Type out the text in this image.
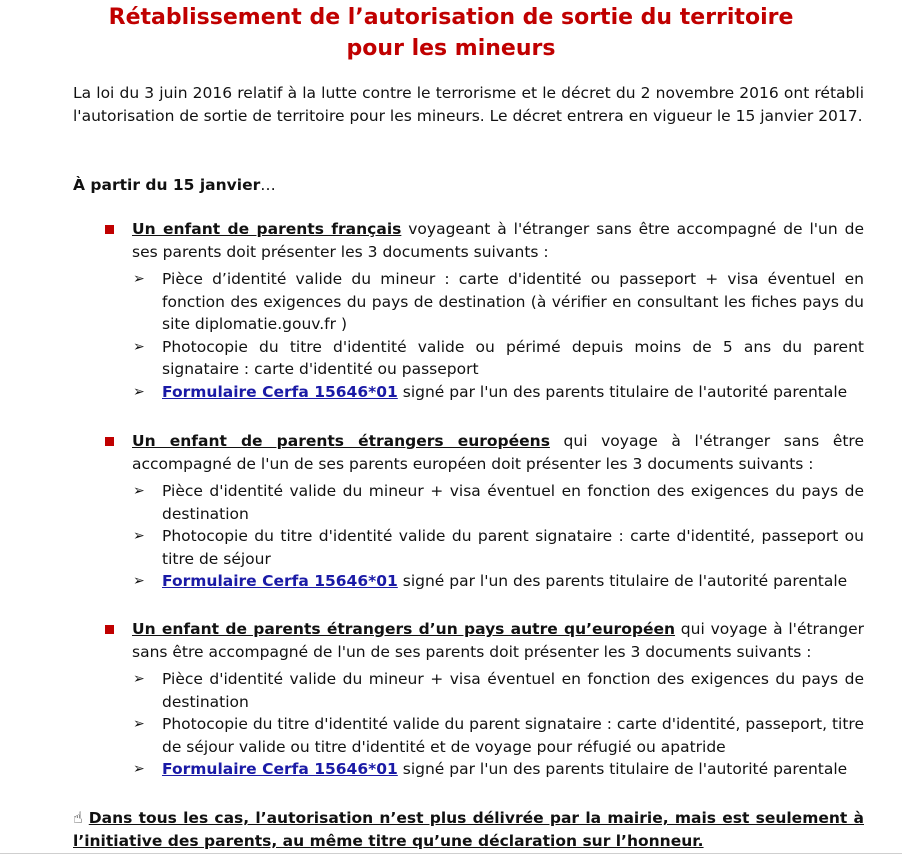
Rétablissement de l’autorisation de sortie du territoire
pour les mineurs

La loi du 3 juin 2016 relatif à la lutte contre le terrorisme et le décret du 2 novembre 2016 ont rétabli l'autorisation de sortie de territoire pour les mineurs. Le décret entrera en vigueur le 15 janvier 2017.

À partir du 15 janvier…

Un enfant de parents français voyageant à l'étranger sans être accompagné de l'un de ses parents doit présenter les 3 documents suivants :
➢ Pièce d’identité valide du mineur : carte d'identité ou passeport + visa éventuel en fonction des exigences du pays de destination (à vérifier en consultant les fiches pays du site diplomatie.gouv.fr )
➢ Photocopie du titre d'identité valide ou périmé depuis moins de 5 ans du parent signataire : carte d'identité ou passeport
➢ Formulaire Cerfa 15646*01 signé par l'un des parents titulaire de l'autorité parentale
Un enfant de parents étrangers européens qui voyage à l'étranger sans être accompagné de l'un de ses parents européen doit présenter les 3 documents suivants :
➢ Pièce d'identité valide du mineur + visa éventuel en fonction des exigences du pays de destination
➢ Photocopie du titre d'identité valide du parent signataire : carte d'identité, passeport ou titre de séjour
➢ Formulaire Cerfa 15646*01 signé par l'un des parents titulaire de l'autorité parentale
Un enfant de parents étrangers d’un pays autre qu’européen qui voyage à l'étranger sans être accompagné de l'un de ses parents doit présenter les 3 documents suivants :
➢ Pièce d'identité valide du mineur + visa éventuel en fonction des exigences du pays de destination
➢ Photocopie du titre d'identité valide du parent signataire : carte d'identité, passeport, titre de séjour valide ou titre d'identité et de voyage pour réfugié ou apatride
➢ Formulaire Cerfa 15646*01 signé par l'un des parents titulaire de l'autorité parentale
☝ Dans tous les cas, l’autorisation n’est plus délivrée par la mairie, mais est seulement à l’initiative des parents, au même titre qu’une déclaration sur l’honneur.
